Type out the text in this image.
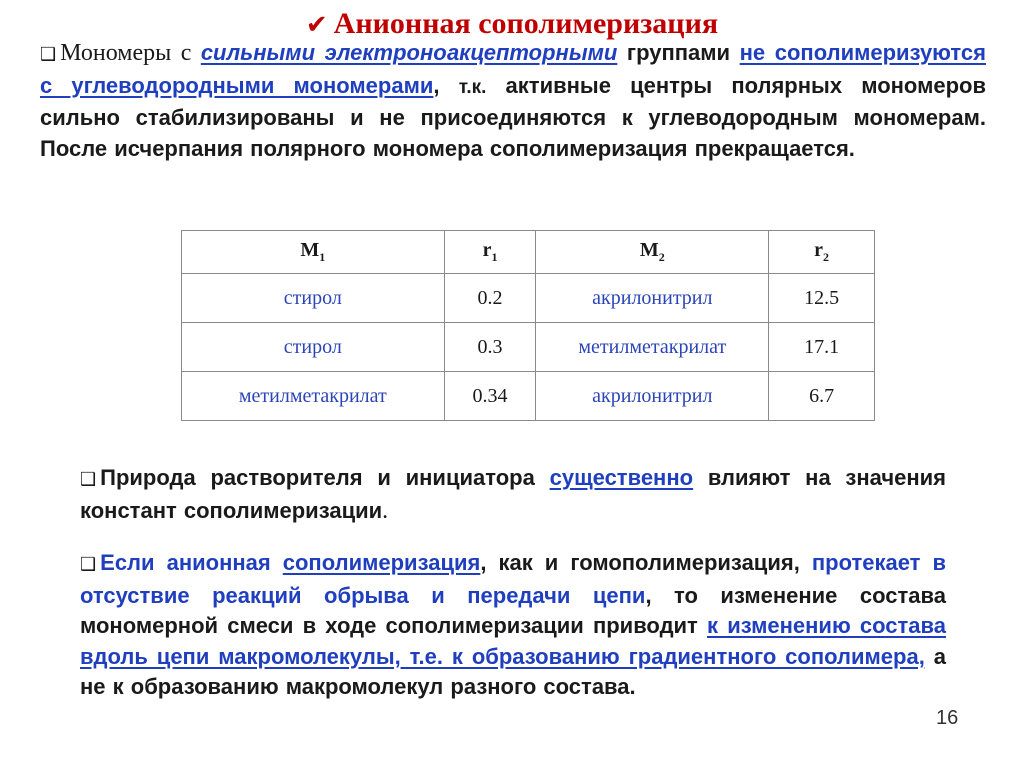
✔ Анионная сополимеризация
❑ Мономеры с сильными электроноакцепторными группами не сополимеризуются с углеводородными мономерами, т.к. активные центры полярных мономеров сильно стабилизированы и не присоединяются к углеводородным мономерам. После исчерпания полярного мономера сополимеризация прекращается.
$M_1$	$r_1$	$M_2$	$r_2$
стирол	0.2	акрилонитрил	12.5
стирол	0.3	метилметакрилат	17.1
метилметакрилат	0.34	акрилонитрил	6.7
❑ Природа растворителя и инициатора существенно влияют на значения констант сополимеризации.
❑ Если анионная сополимеризация, как и гомополимеризация, протекает в отсуствие реакций обрыва и передачи цепи, то изменение состава мономерной смеси в ходе сополимеризации приводит к изменению состава вдоль цепи макромолекулы, т.е. к образованию градиентного сополимера, а не к образованию макромолекул разного состава.
16
